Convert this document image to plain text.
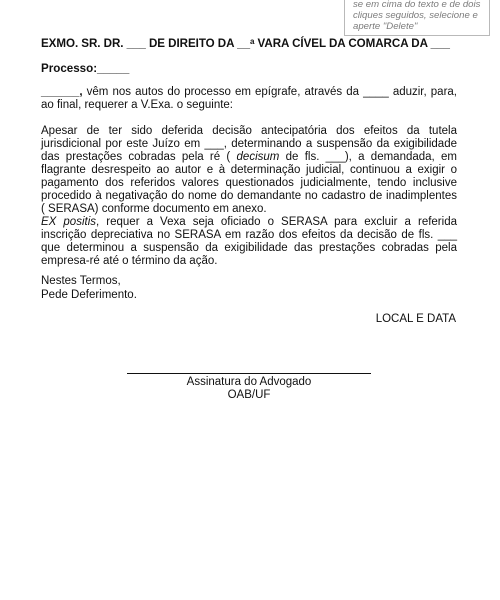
se em cima do texto e de dois

cliques seguidos, selecione e

aperte "Delete"

EXMO. SR. DR. ___ DE DIREITO DA __$^a$ VARA CÍVEL DA COMARCA DA ___
Processo:_____
______, vêm nos autos do processo em epígrafe, através da ____ aduzir, para, ao final, requerer a V.Exa. o seguinte:

Apesar de ter sido deferida decisão antecipatória dos efeitos da tutela jurisdicional por este Juízo em ___, determinando a suspensão da exigibilidade das prestações cobradas pela ré ( decisum de fls. ___), a demandada, em flagrante desrespeito ao autor e à determinação judicial, continuou a exigir o pagamento dos referidos valores questionados judicialmente, tendo inclusive procedido à negativação do nome do demandante no cadastro de inadimplentes ( SERASA) conforme documento em anexo.

EX positis, requer a Vexa seja oficiado o SERASA para excluir a referida inscrição depreciativa no SERASA em razão dos efeitos da decisão de fls. ___ que determinou a suspensão da exigibilidade das prestações cobradas pela empresa-ré até o término da ação.

Nestes Termos,
Pede Deferimento.
LOCAL E DATA
Assinatura do Advogado
OAB/UF
